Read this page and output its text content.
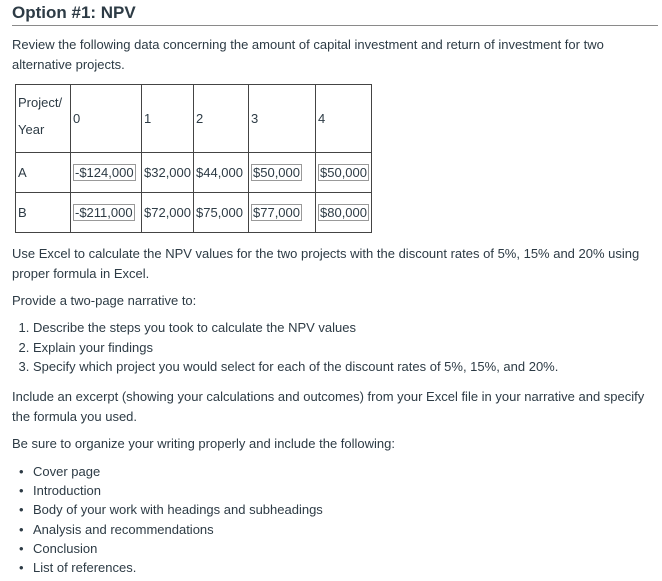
Option #1: NPV

Review the following data concerning the amount of capital investment and return of investment for two alternative projects.

Project/
Year	0	1	2	3	4
A	-$124,000	$32,000	$44,000	$50,000	$50,000
B	-$211,000	$72,000	$75,000	$77,000	$80,000

Use Excel to calculate the NPV values for the two projects with the discount rates of 5%, 15% and 20% using proper formula in Excel.

Provide a two-page narrative to:

1. Describe the steps you took to calculate the NPV values
2. Explain your findings
3. Specify which project you would select for each of the discount rates of 5%, 15%, and 20%.

Include an excerpt (showing your calculations and outcomes) from your Excel file in your narrative and specify the formula you used.

Be sure to organize your writing properly and include the following:

• Cover page
• Introduction
• Body of your work with headings and subheadings
• Analysis and recommendations
• Conclusion
• List of references.
